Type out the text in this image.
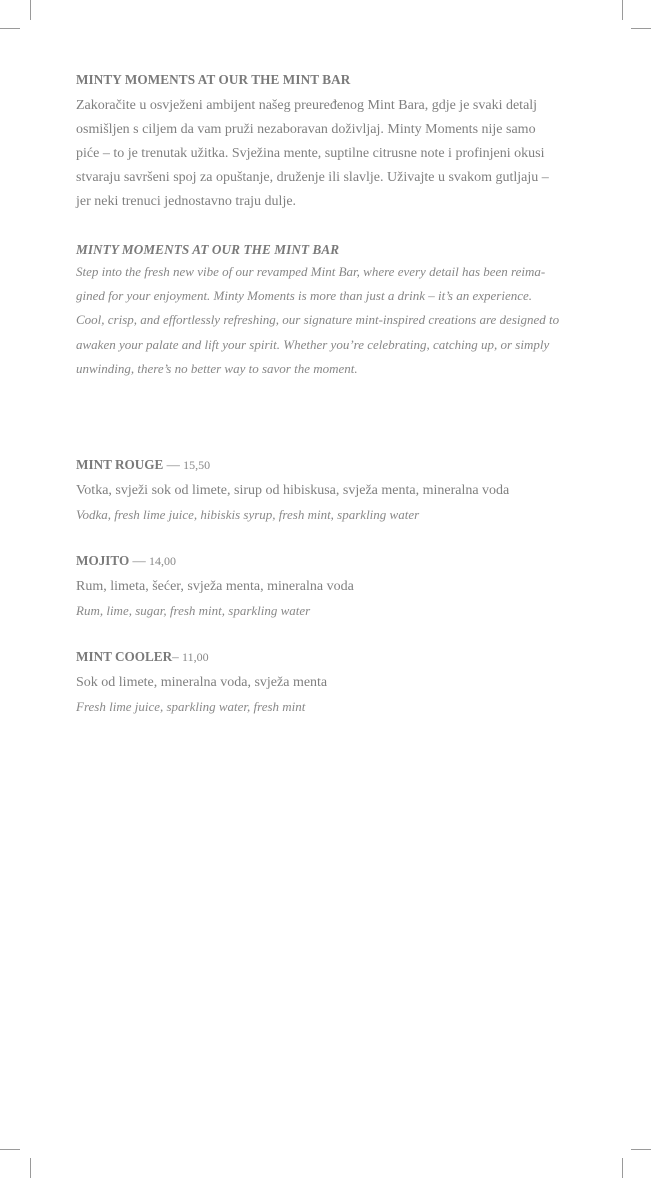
MINTY MOMENTS AT OUR THE MINT BAR

Zakoračite u osvježeni ambijent našeg preuređenog Mint Bara, gdje je svaki detalj
osmišljen s ciljem da vam pruži nezaboravan doživljaj. Minty Moments nije samo
piće – to je trenutak užitka. Svježina mente, suptilne citrusne note i profinjeni okusi
stvaraju savršeni spoj za opuštanje, druženje ili slavlje. Uživajte u svakom gutljaju –
jer neki trenuci jednostavno traju dulje.

MINTY MOMENTS AT OUR THE MINT BAR

Step into the fresh new vibe of our revamped Mint Bar, where every detail has been reima-
gined for your enjoyment. Minty Moments is more than just a drink – it’s an experience.
Cool, crisp, and effortlessly refreshing, our signature mint-inspired creations are designed to
awaken your palate and lift your spirit. Whether you’re celebrating, catching up, or simply
unwinding, there’s no better way to savor the moment.

MINT ROUGE — 15,50

Votka, svježi sok od limete, sirup od hibiskusa, svježa menta, mineralna voda

Vodka, fresh lime juice, hibiskis syrup, fresh mint, sparkling water

MOJITO — 14,00

Rum, limeta, šećer, svježa menta, mineralna voda

Rum, lime, sugar, fresh mint, sparkling water

MINT COOLER– 11,00

Sok od limete, mineralna voda, svježa menta

Fresh lime juice, sparkling water, fresh mint
